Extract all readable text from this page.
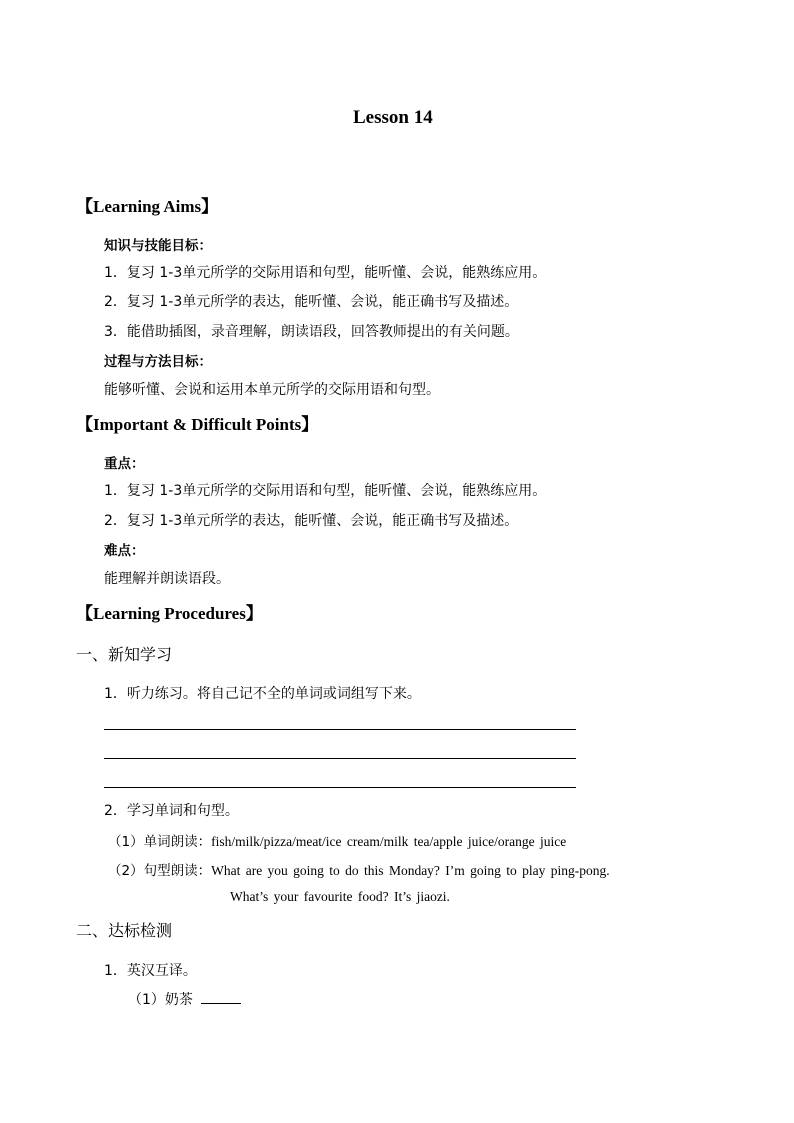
Lesson 14
【Learning Aims】
知识与技能目标：
1．复习 1-3单元所学的交际用语和句型，能听懂、会说，能熟练应用。
2．复习 1-3单元所学的表达，能听懂、会说，能正确书写及描述。
3．能借助插图，录音理解，朗读语段，回答教师提出的有关问题。
过程与方法目标：
能够听懂、会说和运用本单元所学的交际用语和句型。
【Important & Difficult Points】
重点：
1．复习 1-3单元所学的交际用语和句型，能听懂、会说，能熟练应用。
2．复习 1-3单元所学的表达，能听懂、会说，能正确书写及描述。
难点：
能理解并朗读语段。
【Learning Procedures】
一、新知学习
1．听力练习。将自己记不全的单词或词组写下来。
2．学习单词和句型。
（1）单词朗读：fish/milk/pizza/meat/ice cream/milk tea/apple juice/orange juice
（2）句型朗读：What are you going to do this Monday? I’m going to play ping-pong.
What’s your favourite food? It’s jiaozi.
二、达标检测
1．英汉互译。
（1）奶茶
